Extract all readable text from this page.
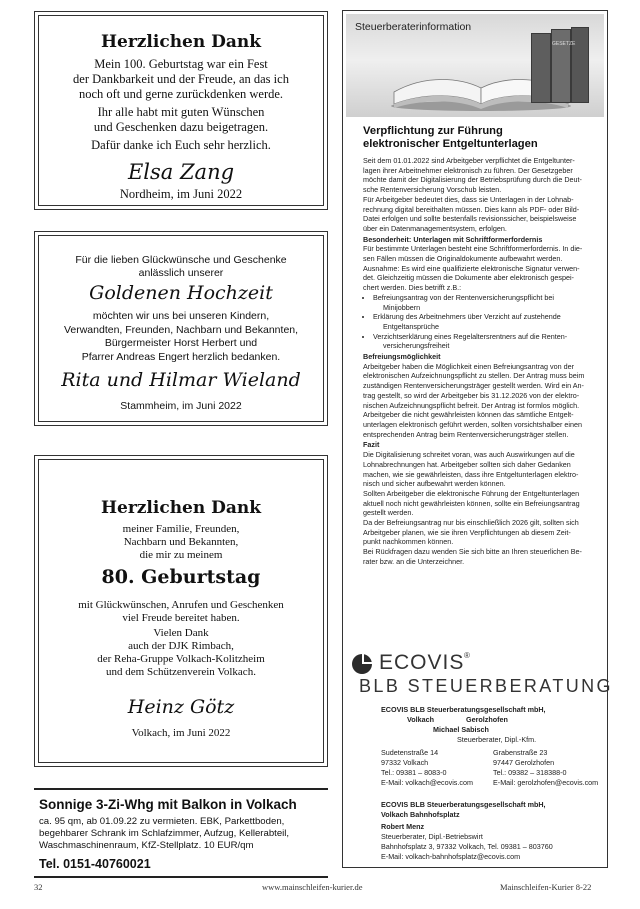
Herzlichen Dank
Mein 100. Geburtstag war ein Fest
der Dankbarkeit und der Freude, an das ich
noch oft und gerne zurückdenken werde.
Ihr alle habt mit guten Wünschen
und Geschenken dazu beigetragen.
Dafür danke ich Euch sehr herzlich.
Elsa Zang
Nordheim, im Juni 2022
Für die lieben Glückwünsche und Geschenke
anlässlich unserer
Goldenen Hochzeit
möchten wir uns bei unseren Kindern,
Verwandten, Freunden, Nachbarn und Bekannten,
Bürgermeister Horst Herbert und
Pfarrer Andreas Engert herzlich bedanken.
Rita und Hilmar Wieland
Stammheim, im Juni 2022
Herzlichen Dank
meiner Familie, Freunden,
Nachbarn und Bekannten,
die mir zu meinem
80. Geburtstag
mit Glückwünschen, Anrufen und Geschenken
viel Freude bereitet haben.
Vielen Dank
auch der DJK Rimbach,
der Reha-Gruppe Volkach-Kolitzheim
und dem Schützenverein Volkach.
Heinz Götz
Volkach, im Juni 2022
Sonnige 3-Zi-Whg mit Balkon in Volkach
ca. 95 qm, ab 01.09.22 zu vermieten. EBK, Parkettboden,
begehbarer Schrank im Schlafzimmer, Aufzug, Kellerabteil,
Waschmaschinenraum, KfZ-Stellplatz. 10 EUR/qm
Tel. 0151-40760021
Steuerberaterinformation
GESETZE
Verpflichtung zur Führung
elektronischer Entgeltunterlagen

Seit dem 01.01.2022 sind Arbeitgeber verpflichtet die Entgeltunter-
lagen ihrer Arbeitnehmer elektronisch zu führen. Der Gesetzgeber
möchte damit der Digitalisierung der Betriebsprüfung durch die Deut-
sche Rentenversicherung Vorschub leisten.
Für Arbeitgeber bedeutet dies, dass sie Unterlagen in der Lohnab-
rechnung digital bereithalten müssen. Dies kann als PDF- oder Bild-
Datei erfolgen und sollte bestenfalls revisionssicher, beispielsweise
über ein Datenmanagementsystem, erfolgen.

Besonderheit: Unterlagen mit Schriftformerfordernis

Für bestimmte Unterlagen besteht eine Schriftformerfordernis. In die-
sen Fällen müssen die Originaldokumente aufbewahrt werden.
Ausnahme: Es wird eine qualifizierte elektronische Signatur verwen-
det. Gleichzeitig müssen die Dokumente aber elektronisch gespei-
chert werden. Dies betrifft z.B.:

• Befreiungsantrag von der Rentenversicherungspflicht bei
Minijobbern
• Erklärung des Arbeitnehmers über Verzicht auf zustehende
Entgeltansprüche
• Verzichtserklärung eines Regelaltersrentners auf die Renten-
versicherungsfreiheit

Befreiungsmöglichkeit

Arbeitgeber haben die Möglichkeit einen Befreiungsantrag von der
elektronischen Aufzeichnungspflicht zu stellen. Der Antrag muss beim
zuständigen Rentenversicherungsträger gestellt werden. Wird ein An-
trag gestellt, so wird der Arbeitgeber bis 31.12.2026 von der elektro-
nischen Aufzeichnungspflicht befreit. Der Antrag ist formlos möglich.
Arbeitgeber die nicht gewährleisten können das sämtliche Entgelt-
unterlagen elektronisch geführt werden, sollten vorsichtshalber einen
entsprechenden Antrag beim Rentenversicherungsträger stellen.

Fazit

Die Digitalisierung schreitet voran, was auch Auswirkungen auf die
Lohnabrechnungen hat. Arbeitgeber sollten sich daher Gedanken
machen, wie sie gewährleisten, dass ihre Entgeltunterlagen elektro-
nisch und sicher aufbewahrt werden können.
Sollten Arbeitgeber die elektronische Führung der Entgeltunterlagen
aktuell noch nicht gewährleisten können, sollte ein Befreiungsantrag
gestellt werden.
Da der Befreiungsantrag nur bis einschließlich 2026 gilt, sollten sich
Arbeitgeber planen, wie sie ihren Verpflichtungen ab diesem Zeit-
punkt nachkommen können.
Bei Rückfragen dazu wenden Sie sich bitte an Ihren steuerlichen Be-
rater bzw. an die Unterzeichner.

ECOVIS ®
BLB STEUERBERATUNG
ECOVIS BLB Steuerberatungsgesellschaft mbH,
Volkach                Gerolzhofen
Michael Sabisch
Steuerberater, Dipl.-Kfm.
Sudetenstraße 14
97332 Volkach
Tel.: 09381 – 8083-0
E-Mail: volkach@ecovis.com
Grabenstraße 23
97447 Gerolzhofen
Tel.: 09382 – 318388-0
E-Mail: gerolzhofen@ecovis.com
ECOVIS BLB Steuerberatungsgesellschaft mbH,
Volkach Bahnhofsplatz
Robert Menz
Steuerberater, Dipl.-Betriebswirt
Bahnhofsplatz 3, 97332 Volkach, Tel. 09381 – 803760
E-Mail: volkach-bahnhofsplatz@ecovis.com
32	www.mainschleifen-kurier.de	Mainschleifen-Kurier 8-22
